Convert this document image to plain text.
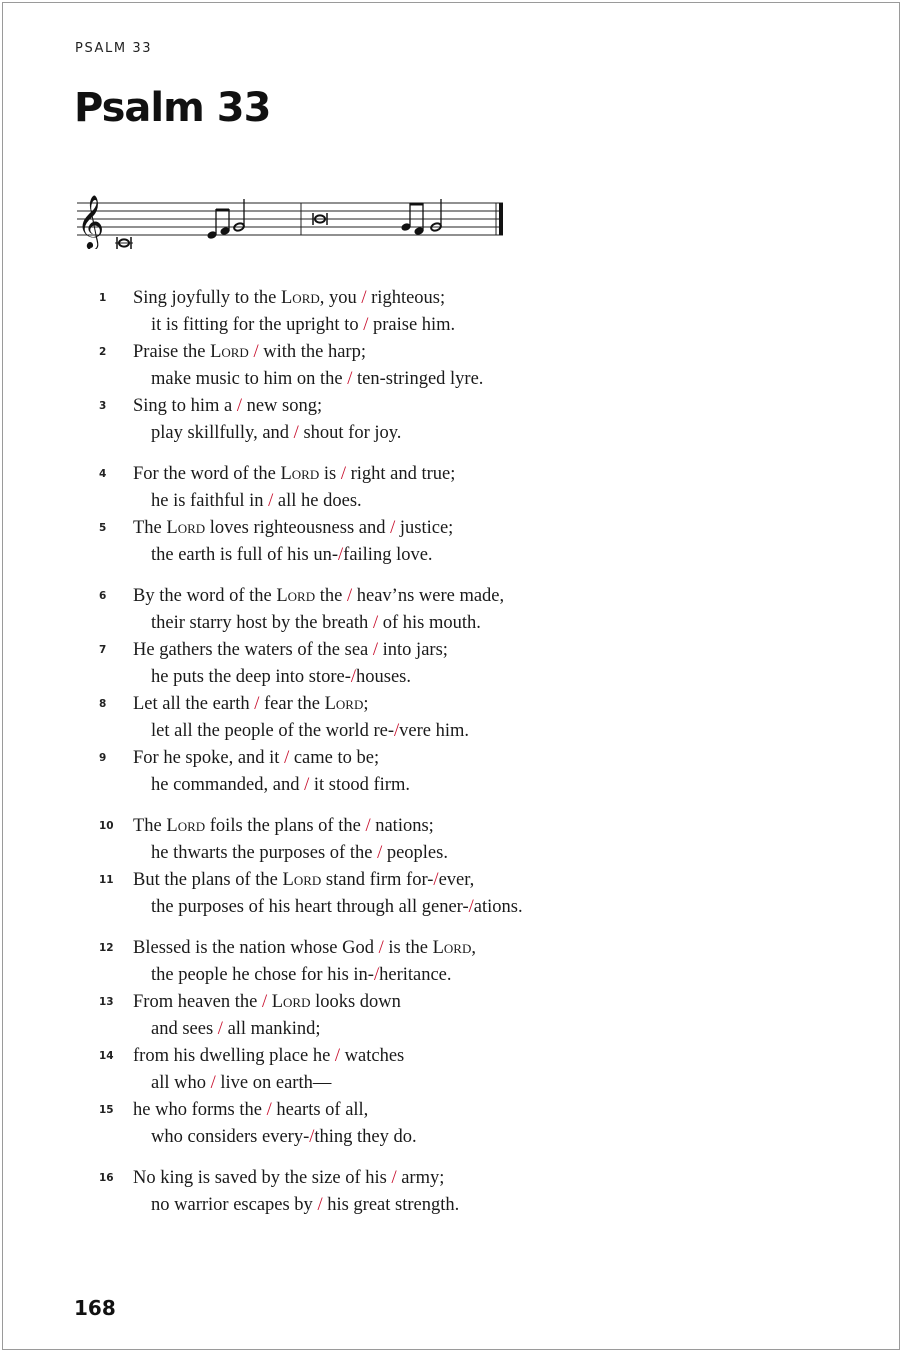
PSALM 33
Psalm 33
𝄞
1	Sing joyfully to the Lord, you / righteous;
it is fitting for the upright to / praise him.
2	Praise the Lord / with the harp;
make music to him on the / ten-stringed lyre.
3	Sing to him a / new song;
play skillfully, and / shout for joy.
4	For the word of the Lord is / right and true;
he is faithful in / all he does.
5	The Lord loves righteousness and / justice;
the earth is full of his un-/failing love.
6	By the word of the Lord the / heav’ns were made,
their starry host by the breath / of his mouth.
7	He gathers the waters of the sea / into jars;
he puts the deep into store-/houses.
8	Let all the earth / fear the Lord;
let all the people of the world re-/vere him.
9	For he spoke, and it / came to be;
he commanded, and / it stood firm.
10	The Lord foils the plans of the / nations;
he thwarts the purposes of the / peoples.
11	But the plans of the Lord stand firm for-/ever,
the purposes of his heart through all gener-/ations.
12	Blessed is the nation whose God / is the Lord,
the people he chose for his in-/heritance.
13	From heaven the / Lord looks down
and sees / all mankind;
14	from his dwelling place he / watches
all who / live on earth—
15	he who forms the / hearts of all,
who considers every-/thing they do.
16	No king is saved by the size of his / army;
no warrior escapes by / his great strength.
168
